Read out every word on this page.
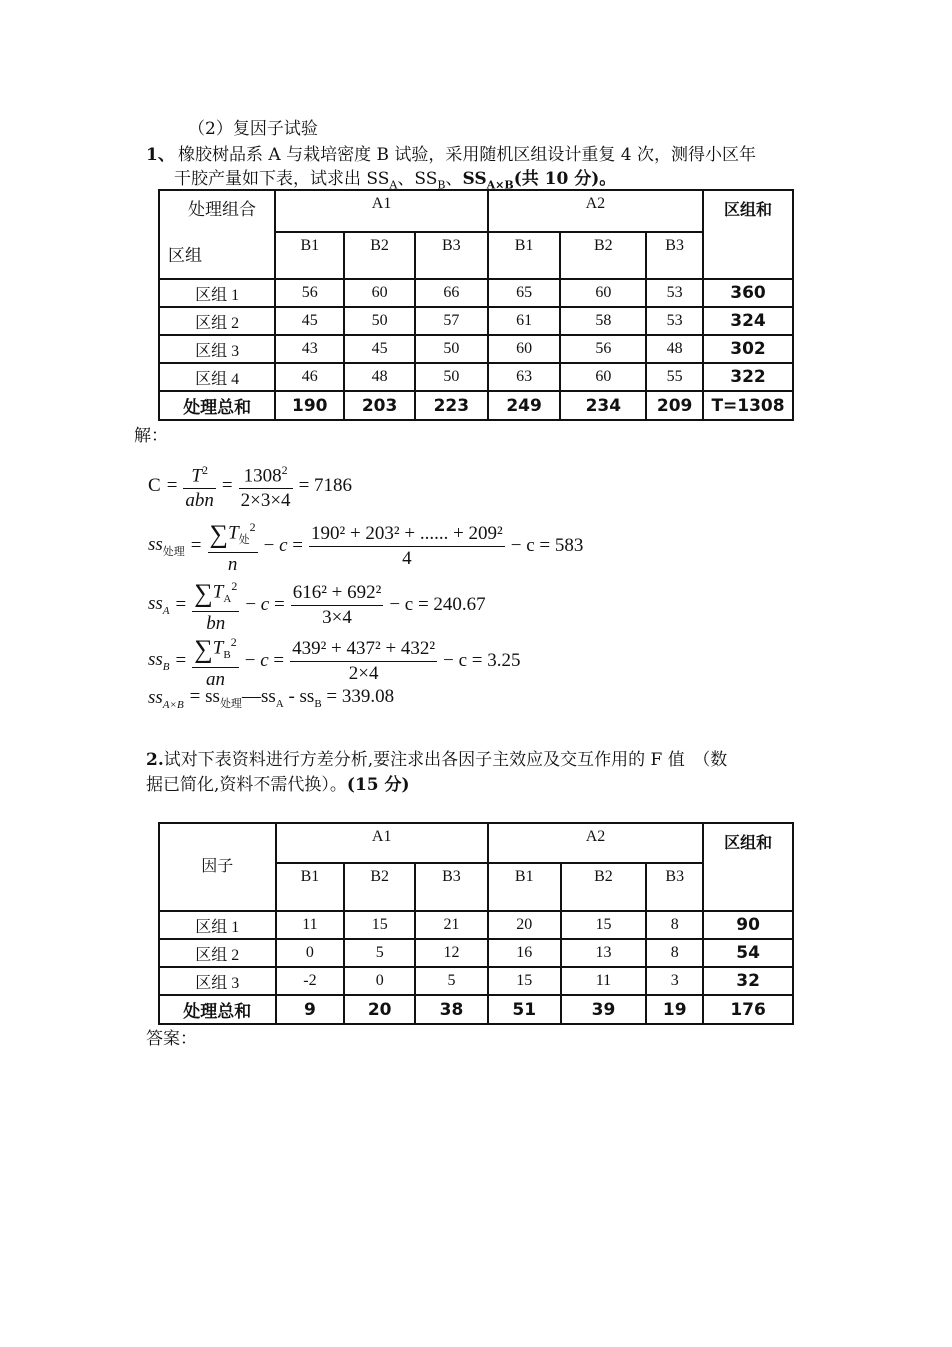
（2）复因子试验
1、 橡胶树品系 A 与栽培密度 B 试验，采用随机区组设计重复 4 次，测得小区年
干胶产量如下表，试求出 $SS_A$、$SS_B$、$SS_{A\times B}$(共 10 分)。
处理组合
区组	A1			A2			区组和
	B1	B2	B3	B1	B2	B3	
区组 1	56	60	66	65	60	53	360
区组 2	45	50	57	61	58	53	324
区组 3	43	45	50	60	56	48	302
区组 4	46	48	50	63	60	55	322
处理总和	190	203	223	249	234	209	T=1308
解：
$C = \frac{T^2}{\text{abn}} = \frac{1308^2}{2\times 3\times 4} = 7186$
$ss_{处理} = \frac{\sum T_处^2}{n} - c = \frac{\text{190² + 203² + ...... + 209²}}{4} - c = 583$
$ss_A = \frac{\sum T_A^2}{bn} - c = \frac{\text{616² + 692²}}{3\times 4} - c = 240.67$
$ss_B = \frac{\sum T_B^2}{an} - c = \frac{\text{439² + 437² + 432²}}{2\times 4} - c = 3.25$
$ss_{A\times B}$ = $ss_{处理}—ss_A - ss_B = 339.08$
2.试对下表资料进行方差分析,要注求出各因子主效应及交互作用的 F 值　（数
据已简化,资料不需代换）。(15 分)
因子	A1			A2			区组和
	B1	B2	B3	B1	B2	B3	
区组 1	11	15	21	20	15	8	90
区组 2	0	5	12	16	13	8	54
区组 3	-2	0	5	15	11	3	32
处理总和	9	20	38	51	39	19	176
答案：
